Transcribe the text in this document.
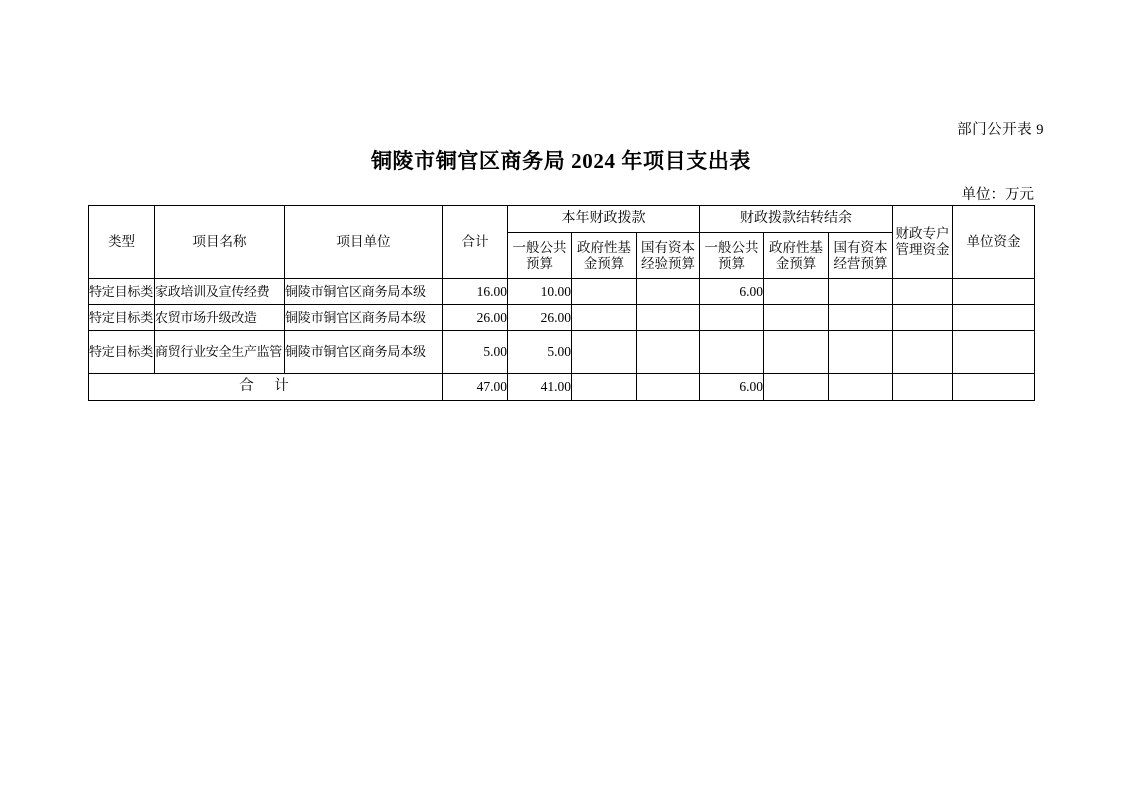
部门公开表 9
铜陵市铜官区商务局 2024 年项目支出表
单位：万元
类型	项目名称	项目单位	合计	本年财政拨款			财政拨款结转结余			财政专户管理资金	单位资金
				一般公共预算	政府性基金预算	国有资本经验预算	一般公共预算	政府性基金预算	国有资本经营预算		
特定目标类	家政培训及宣传经费	铜陵市铜官区商务局本级	16.00	10.00			6.00				
特定目标类	农贸市场升级改造	铜陵市铜官区商务局本级	26.00	26.00							
特定目标类	商贸行业安全生产监管	铜陵市铜官区商务局本级	5.00	5.00							
合　计			47.00	41.00			6.00				
